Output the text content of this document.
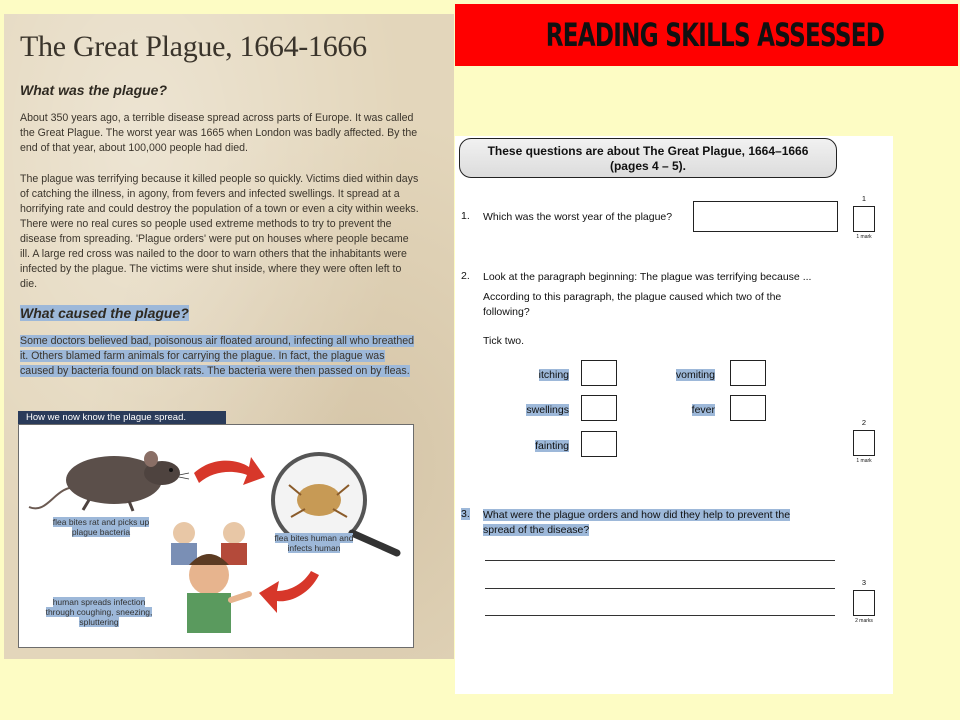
The Great Plague, 1664-1666
What was the plague?

About 350 years ago, a terrible disease spread across parts of Europe. It was called the Great Plague. The worst year was 1665 when London was badly affected. By the end of that year, about 100,000 people had died.

The plague was terrifying because it killed people so quickly. Victims died within days of catching the illness, in agony, from fevers and infected swellings. It spread at a horrifying rate and could destroy the population of a town or even a city within weeks. There were no real cures so people used extreme methods to try to prevent the disease from spreading. 'Plague orders' were put on houses where people became ill. A large red cross was nailed to the door to warn others that the inhabitants were infected by the plague. The victims were shut inside, where they were often left to die.

What caused the plague?

Some doctors believed bad, poisonous air floated around, infecting all who breathed it. Others blamed farm animals for carrying the plague. In fact, the plague was caused by bacteria found on black rats. The bacteria were then passed on by fleas.

How we now know the plague spread.
flea bites rat and picks up plague bacteria
flea bites human and infects human
human spreads infection through coughing, sneezing, spluttering
READING SKILLS ASSESSED
These questions are about The Great Plague, 1664–1666
(pages 4 – 5).
1. Which was the worst year of the plague?
1
1 mark
2. Look at the paragraph beginning: The plague was terrifying because ...
According to this paragraph, the plague caused which two of the following?
Tick two.
itching	vomiting
swellings	fever
fainting
2
1 mark
3. What were the plague orders and how did they help to prevent the spread of the disease?
3
2 marks
